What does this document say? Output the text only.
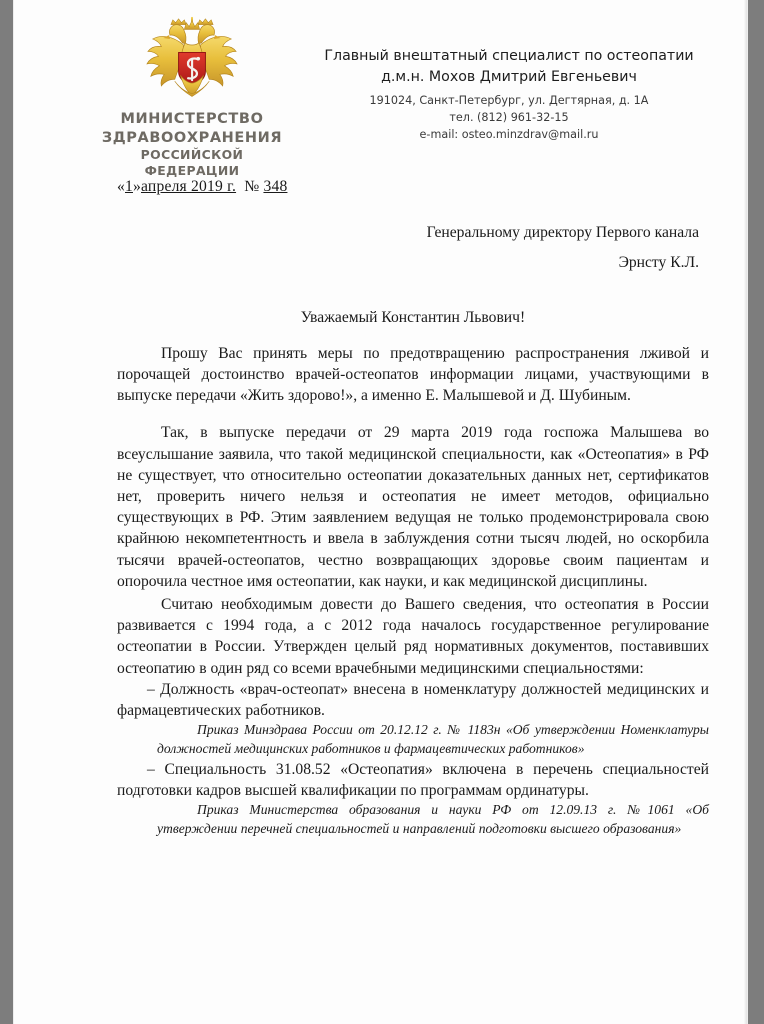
МИНИСТЕРСТВО
ЗДРАВООХРАНЕНИЯ
РОССИЙСКОЙ ФЕДЕРАЦИИ
Главный внештатный специалист по остеопатии
д.м.н. Мохов Дмитрий Евгеньевич
191024, Санкт-Петербург, ул. Дегтярная, д. 1А
тел. (812) 961-32-15
e-mail: osteo.minzdrav@mail.ru
«1»апреля 2019 г. № 348
Генеральному директору Первого канала
Эрнсту К.Л.
Уважаемый Константин Львович!

Прошу Вас принять меры по предотвращению распространения лживой и порочащей достоинство врачей-остеопатов информации лицами, участвующими в выпуске передачи «Жить здорово!», а именно Е. Малышевой и Д. Шубиным.

Так, в выпуске передачи от 29 марта 2019 года госпожа Малышева во всеуслышание заявила, что такой медицинской специальности, как «Остеопатия» в РФ не существует, что относительно остеопатии доказательных данных нет, сертификатов нет, проверить ничего нельзя и остеопатия не имеет методов, официально существующих в РФ. Этим заявлением ведущая не только продемонстрировала свою крайнюю некомпетентность и ввела в заблуждения сотни тысяч людей, но оскорбила тысячи врачей-остеопатов, честно возвращающих здоровье своим пациентам и опорочила честное имя остеопатии, как науки, и как медицинской дисциплины.

Считаю необходимым довести до Вашего сведения, что остеопатия в России развивается с 1994 года, а с 2012 года началось государственное регулирование остеопатии в России. Утвержден целый ряд нормативных документов, поставивших остеопатию в один ряд со всеми врачебными медицинскими специальностями:

– Должность «врач-остеопат» внесена в номенклатуру должностей медицинских и фармацевтических работников.

Приказ Минздрава России от 20.12.12 г. № 1183н «Об утверждении Номенклатуры должностей медицинских работников и фармацевтических работников»

– Специальность 31.08.52 «Остеопатия» включена в перечень специальностей подготовки кадров высшей квалификации по программам ординатуры.

Приказ Министерства образования и науки РФ от 12.09.13 г. №1061 «Об утверждении перечней специальностей и направлений подготовки высшего образования»
